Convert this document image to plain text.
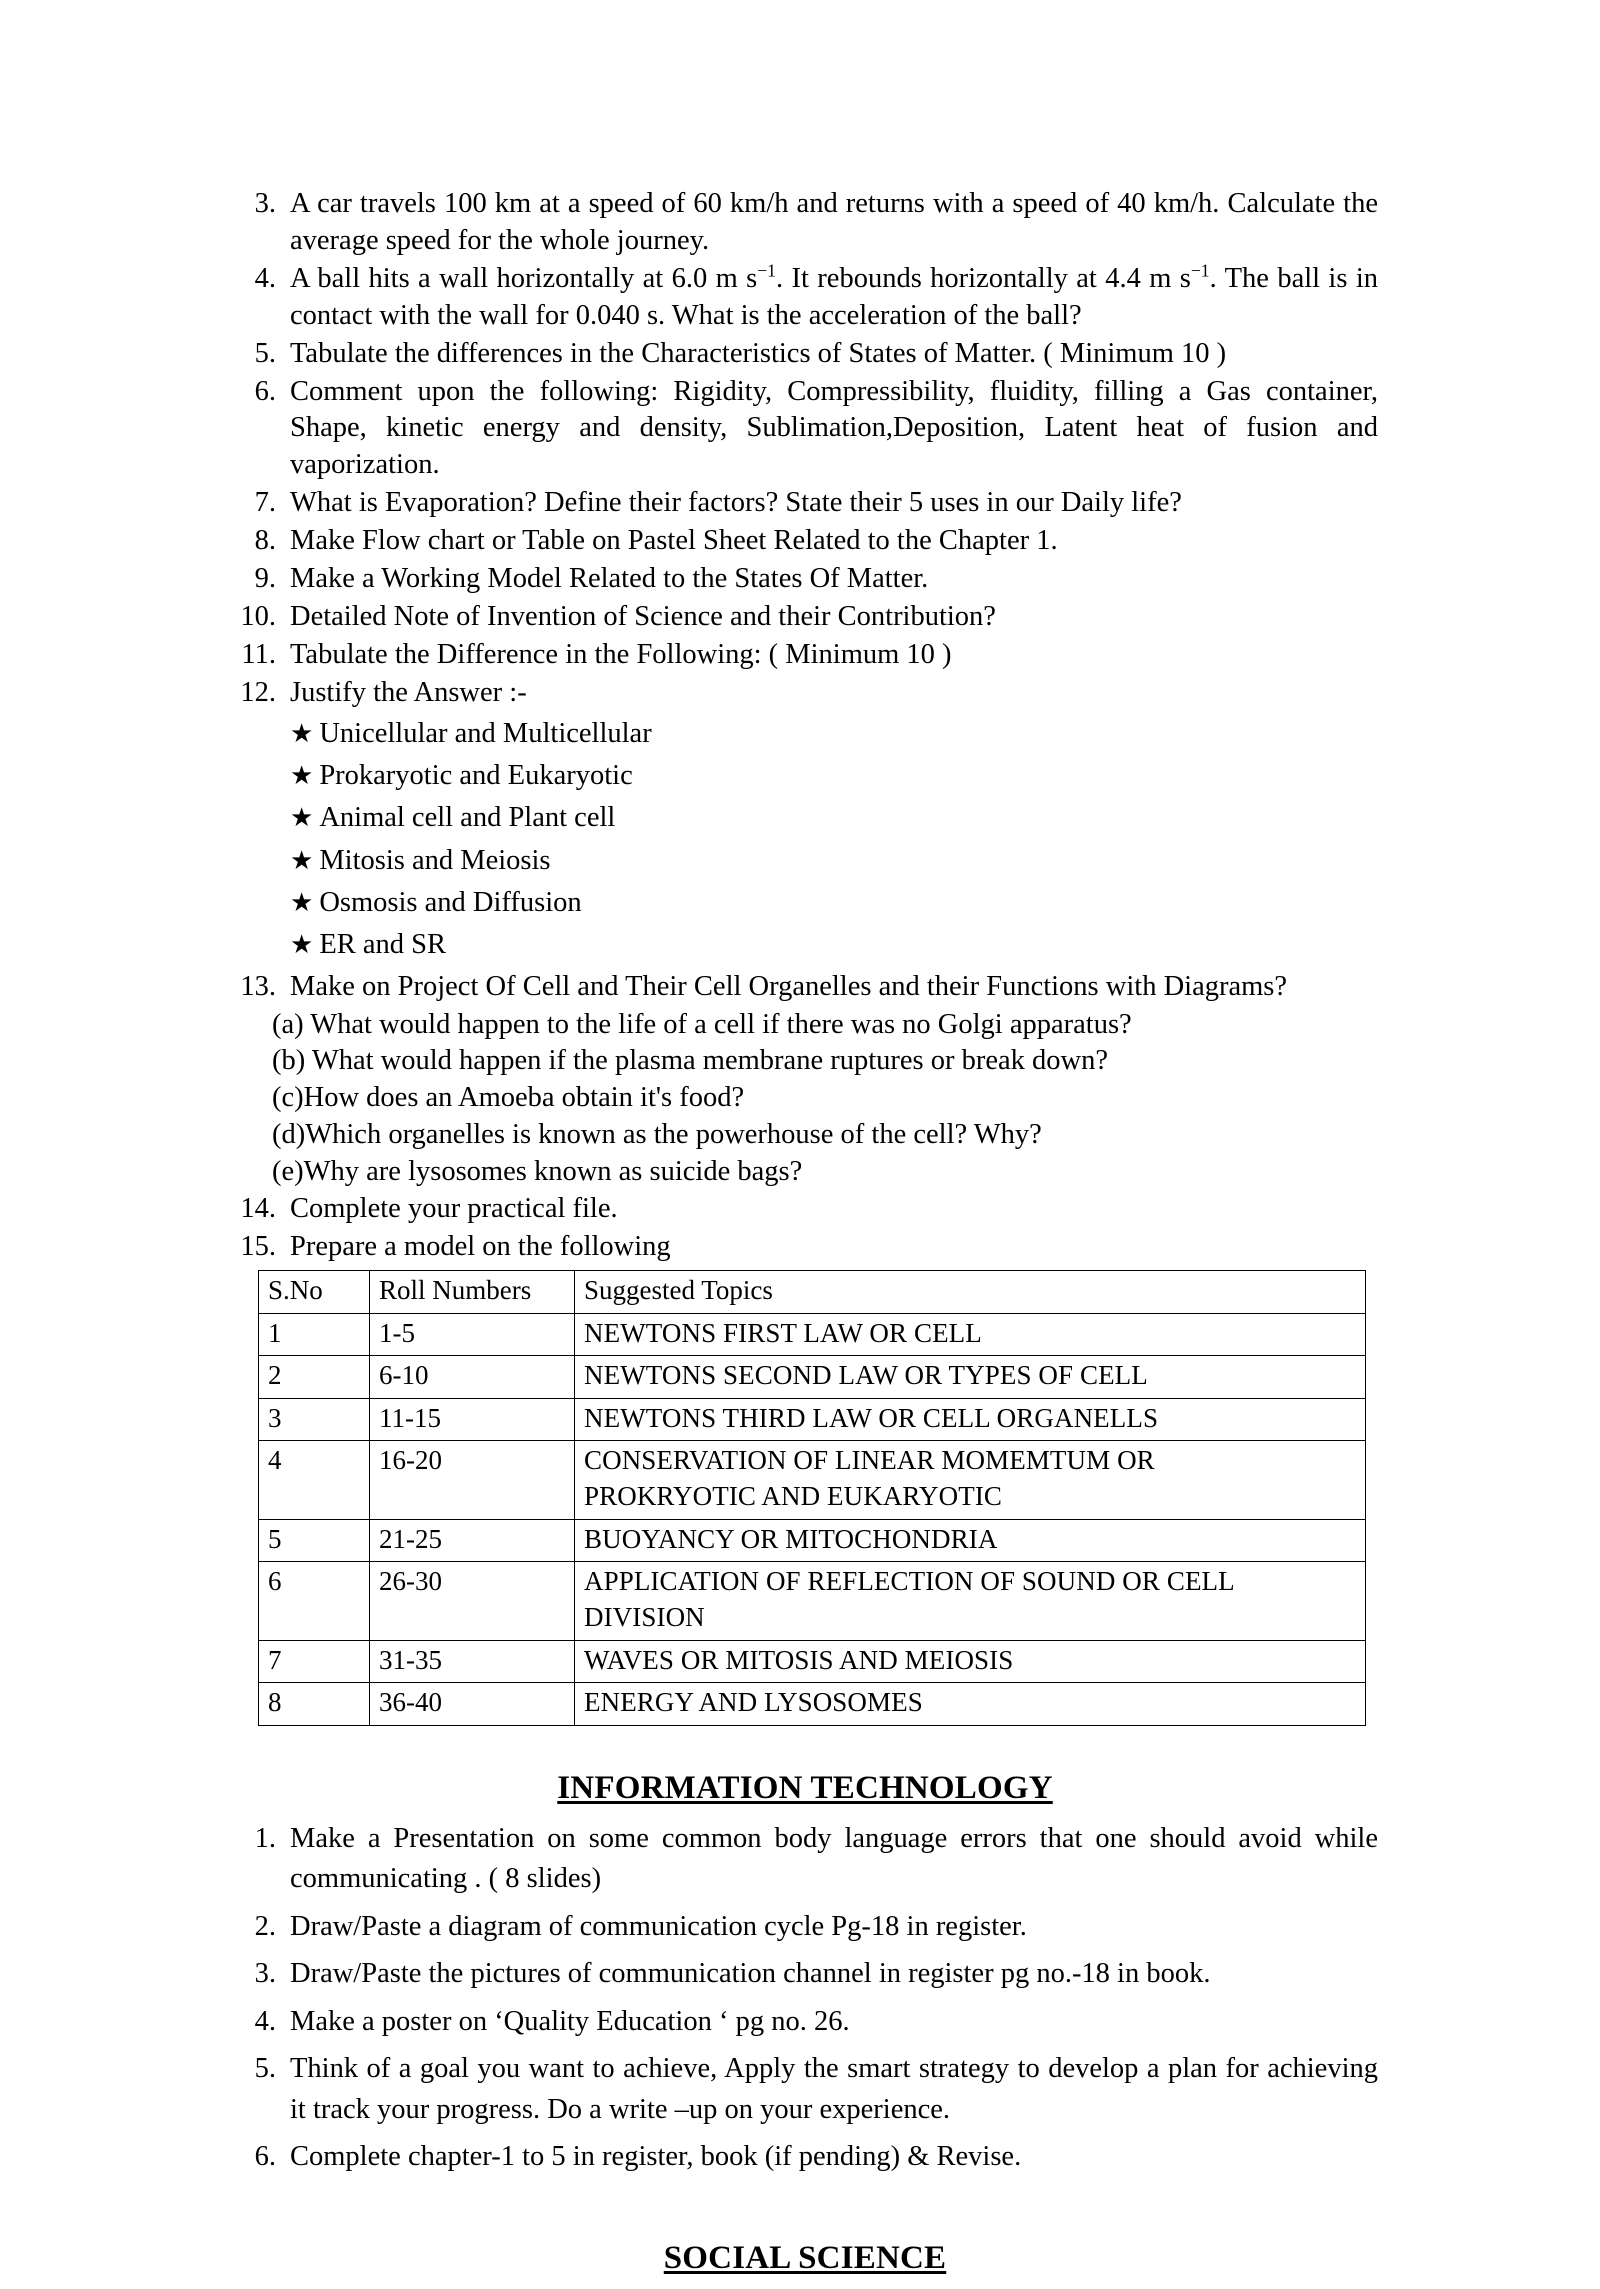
3. A car travels 100 km at a speed of 60 km/h and returns with a speed of 40 km/h. Calculate the average speed for the whole journey.
4. A ball hits a wall horizontally at 6.0 m $s^{-1}$. It rebounds horizontally at 4.4 m $s^{-1}$. The ball is in contact with the wall for 0.040 s. What is the acceleration of the ball?
5. Tabulate the differences in the Characteristics of States of Matter. ( Minimum 10 )
6. Comment upon the following: Rigidity, Compressibility, fluidity, filling a Gas container, Shape, kinetic energy and density, Sublimation,Deposition, Latent heat of fusion and vaporization.
7. What is Evaporation? Define their factors? State their 5 uses in our Daily life?
8. Make Flow chart or Table on Pastel Sheet Related to the Chapter 1.
9. Make a Working Model Related to the States Of Matter.
10. Detailed Note of Invention of Science and their Contribution?
11. Tabulate the Difference in the Following: ( Minimum 10 )
12. Justify the Answer :-
★ Unicellular and Multicellular
★ Prokaryotic and Eukaryotic
★ Animal cell and Plant cell
★ Mitosis and Meiosis
★ Osmosis and Diffusion
★ ER and SR
13. Make on Project Of Cell and Their Cell Organelles and their Functions with Diagrams?
(a) What would happen to the life of a cell if there was no Golgi apparatus?
(b) What would happen if the plasma membrane ruptures or break down?
(c)How does an Amoeba obtain it's food?
(d)Which organelles is known as the powerhouse of the cell? Why?
(e)Why are lysosomes known as suicide bags?
14. Complete your practical file.
15. Prepare a model on the following
S.No	Roll Numbers	Suggested Topics
1	1-5	NEWTONS FIRST LAW OR CELL
2	6-10	NEWTONS SECOND LAW OR TYPES OF CELL
3	11-15	NEWTONS THIRD LAW OR CELL ORGANELLS
4	16-20	CONSERVATION OF LINEAR MOMEMTUM OR
PROKRYOTIC AND EUKARYOTIC

5	21-25	BUOYANCY OR MITOCHONDRIA
6	26-30	APPLICATION OF REFLECTION OF SOUND OR CELL
DIVISION

7	31-35	WAVES OR MITOSIS AND MEIOSIS
8	36-40	ENERGY AND LYSOSOMES
INFORMATION TECHNOLOGY
1. Make a Presentation on some common body language errors that one should avoid while communicating . ( 8 slides)
2. Draw/Paste a diagram of communication cycle Pg-18 in register.
3. Draw/Paste the pictures of communication channel in register pg no.-18 in book.
4. Make a poster on ‘Quality Education ‘ pg no. 26.
5. Think of a goal you want to achieve, Apply the smart strategy to develop a plan for achieving it track your progress. Do a write –up on your experience.
6. Complete chapter-1 to 5 in register, book (if pending) & Revise.
SOCIAL SCIENCE
